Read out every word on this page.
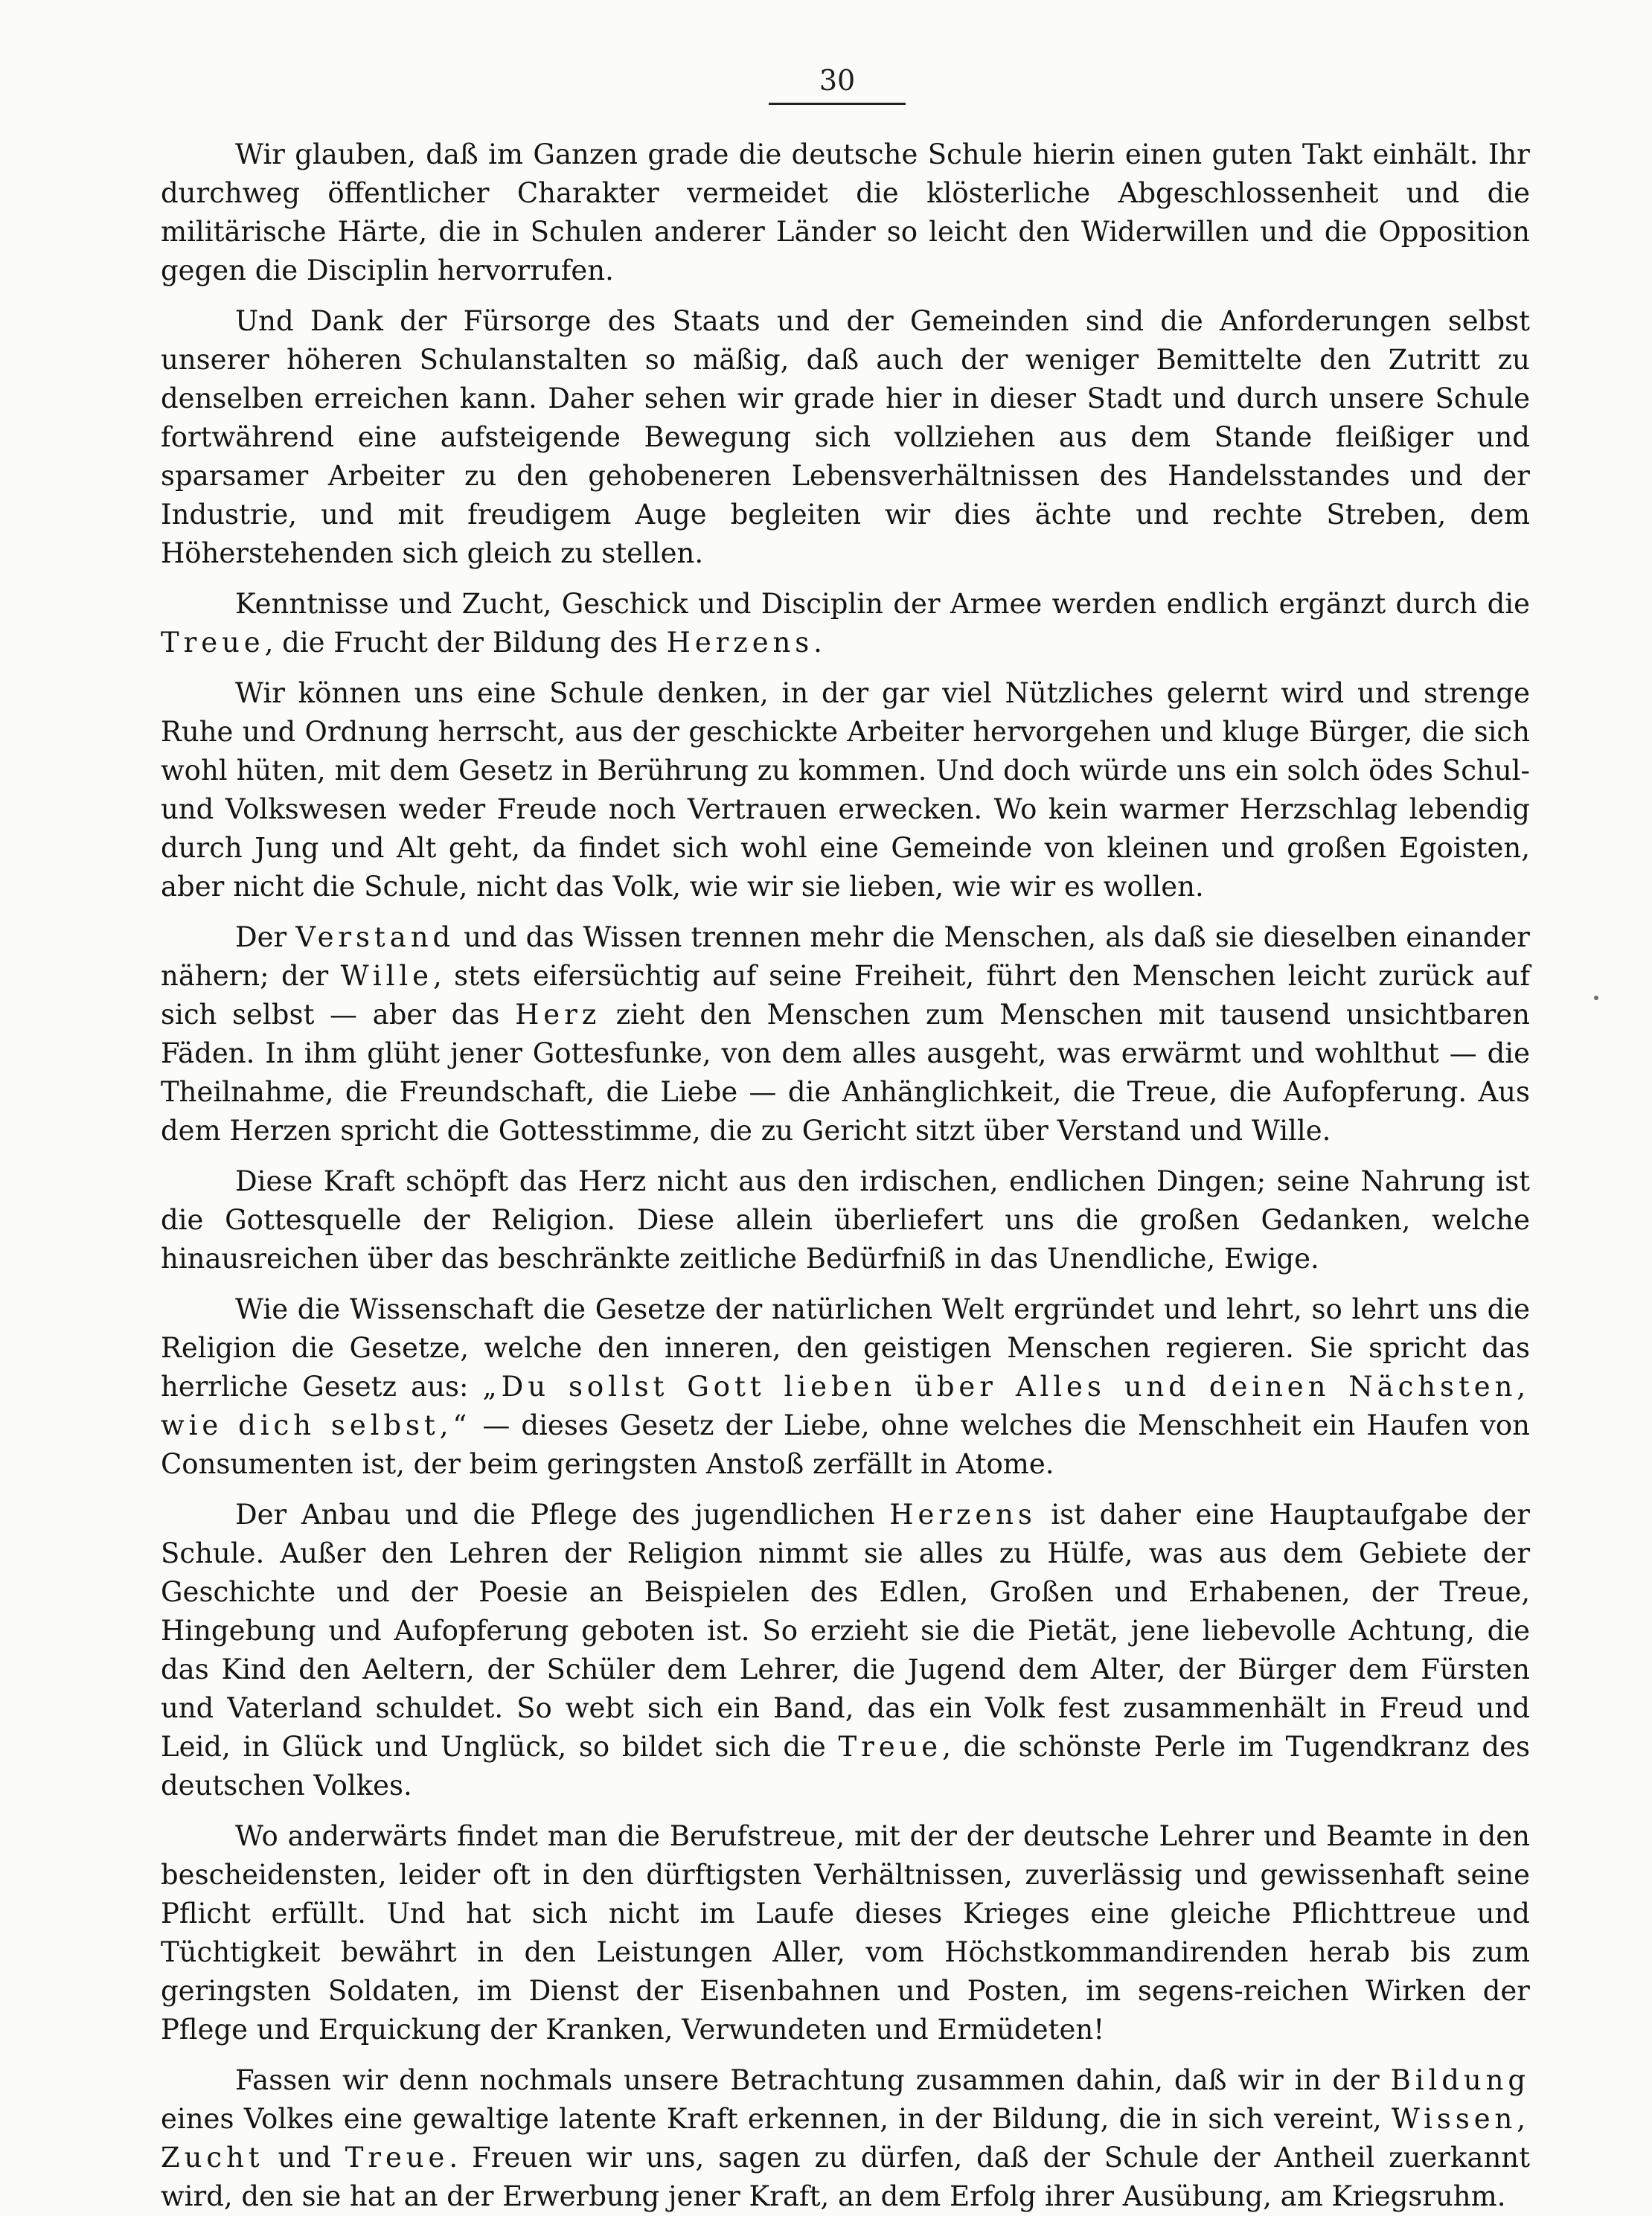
30

Wir glauben, daß im Ganzen grade die deutsche Schule hierin einen guten Takt einhält. Ihr durchweg öffentlicher Charakter vermeidet die klösterliche Abgeschlossenheit und die militärische Härte, die in Schulen anderer Länder so leicht den Widerwillen und die Opposition gegen die Disciplin hervorrufen.

Und Dank der Fürsorge des Staats und der Gemeinden sind die Anforderungen selbst unserer höheren Schulanstalten so mäßig, daß auch der weniger Bemittelte den Zutritt zu denselben erreichen kann. Daher sehen wir grade hier in dieser Stadt und durch unsere Schule fortwährend eine aufsteigende Bewegung sich vollziehen aus dem Stande fleißiger und sparsamer Arbeiter zu den gehobeneren Lebensverhältnissen des Handelsstandes und der Industrie, und mit freudigem Auge begleiten wir dies ächte und rechte Streben, dem Höherstehenden sich gleich zu stellen.

Kenntnisse und Zucht, Geschick und Disciplin der Armee werden endlich ergänzt durch die Treue, die Frucht der Bildung des Herzens.

Wir können uns eine Schule denken, in der gar viel Nützliches gelernt wird und strenge Ruhe und Ordnung herrscht, aus der geschickte Arbeiter hervorgehen und kluge Bürger, die sich wohl hüten, mit dem Gesetz in Berührung zu kommen. Und doch würde uns ein solch ödes Schul- und Volkswesen weder Freude noch Vertrauen erwecken. Wo kein warmer Herzschlag lebendig durch Jung und Alt geht, da findet sich wohl eine Gemeinde von kleinen und großen Egoisten, aber nicht die Schule, nicht das Volk, wie wir sie lieben, wie wir es wollen.

Der Verstand und das Wissen trennen mehr die Menschen, als daß sie dieselben einander nähern; der Wille, stets eifersüchtig auf seine Freiheit, führt den Menschen leicht zurück auf sich selbst — aber das Herz zieht den Menschen zum Menschen mit tausend unsichtbaren Fäden. In ihm glüht jener Gottesfunke, von dem alles ausgeht, was erwärmt und wohlthut — die Theilnahme, die Freundschaft, die Liebe — die Anhänglichkeit, die Treue, die Aufopferung. Aus dem Herzen spricht die Gottesstimme, die zu Gericht sitzt über Verstand und Wille.

Diese Kraft schöpft das Herz nicht aus den irdischen, endlichen Dingen; seine Nahrung ist die Gottesquelle der Religion. Diese allein überliefert uns die großen Gedanken, welche hinausreichen über das beschränkte zeitliche Bedürfniß in das Unendliche, Ewige.

Wie die Wissenschaft die Gesetze der natürlichen Welt ergründet und lehrt, so lehrt uns die Religion die Gesetze, welche den inneren, den geistigen Menschen regieren. Sie spricht das herrliche Gesetz aus: „Du sollst Gott lieben über Alles und deinen Nächsten, wie dich selbst,“ — dieses Gesetz der Liebe, ohne welches die Menschheit ein Haufen von Consumenten ist, der beim geringsten Anstoß zerfällt in Atome.

Der Anbau und die Pflege des jugendlichen Herzens ist daher eine Hauptaufgabe der Schule. Außer den Lehren der Religion nimmt sie alles zu Hülfe, was aus dem Gebiete der Geschichte und der Poesie an Beispielen des Edlen, Großen und Erhabenen, der Treue, Hingebung und Aufopferung geboten ist. So erzieht sie die Pietät, jene liebevolle Achtung, die das Kind den Aeltern, der Schüler dem Lehrer, die Jugend dem Alter, der Bürger dem Fürsten und Vaterland schuldet. So webt sich ein Band, das ein Volk fest zusammenhält in Freud und Leid, in Glück und Unglück, so bildet sich die Treue, die schönste Perle im Tugendkranz des deutschen Volkes.

Wo anderwärts findet man die Berufstreue, mit der der deutsche Lehrer und Beamte in den bescheidensten, leider oft in den dürftigsten Verhältnissen, zuverlässig und gewissenhaft seine Pflicht erfüllt. Und hat sich nicht im Laufe dieses Krieges eine gleiche Pflichttreue und Tüchtigkeit bewährt in den Leistungen Aller, vom Höchstkommandirenden herab bis zum geringsten Soldaten, im Dienst der Eisenbahnen und Posten, im segens-reichen Wirken der Pflege und Erquickung der Kranken, Verwundeten und Ermüdeten!

Fassen wir denn nochmals unsere Betrachtung zusammen dahin, daß wir in der Bildung eines Volkes eine gewaltige latente Kraft erkennen, in der Bildung, die in sich vereint, Wissen, Zucht und Treue. Freuen wir uns, sagen zu dürfen, daß der Schule der Antheil zuerkannt wird, den sie hat an der Erwerbung jener Kraft, an dem Erfolg ihrer Ausübung, am Kriegsruhm.
